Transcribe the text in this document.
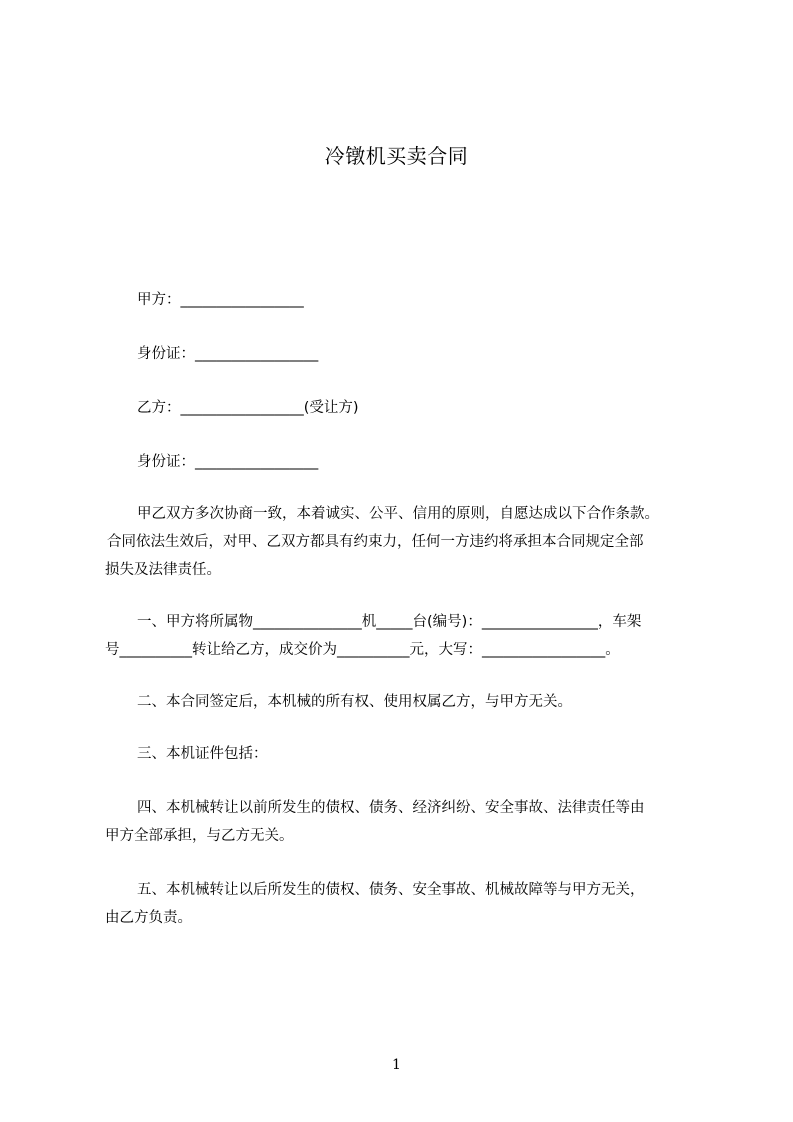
冷镦机买卖合同
甲方：_________________
身份证：_________________
乙方：_________________(受让方)
身份证：_________________
甲乙双方多次协商一致，本着诚实、公平、信用的原则，自愿达成以下合作条款。
合同依法生效后，对甲、乙双方都具有约束力，任何一方违约将承担本合同规定全部
损失及法律责任。
一、甲方将所属物_______________机_____台(编号)：________________，车架
号__________转让给乙方，成交价为__________元，大写：_________________。
二、本合同签定后，本机械的所有权、使用权属乙方，与甲方无关。
三、本机证件包括：
四、本机械转让以前所发生的债权、债务、经济纠纷、安全事故、法律责任等由
甲方全部承担，与乙方无关。
五、本机械转让以后所发生的债权、债务、安全事故、机械故障等与甲方无关，
由乙方负责。
1
